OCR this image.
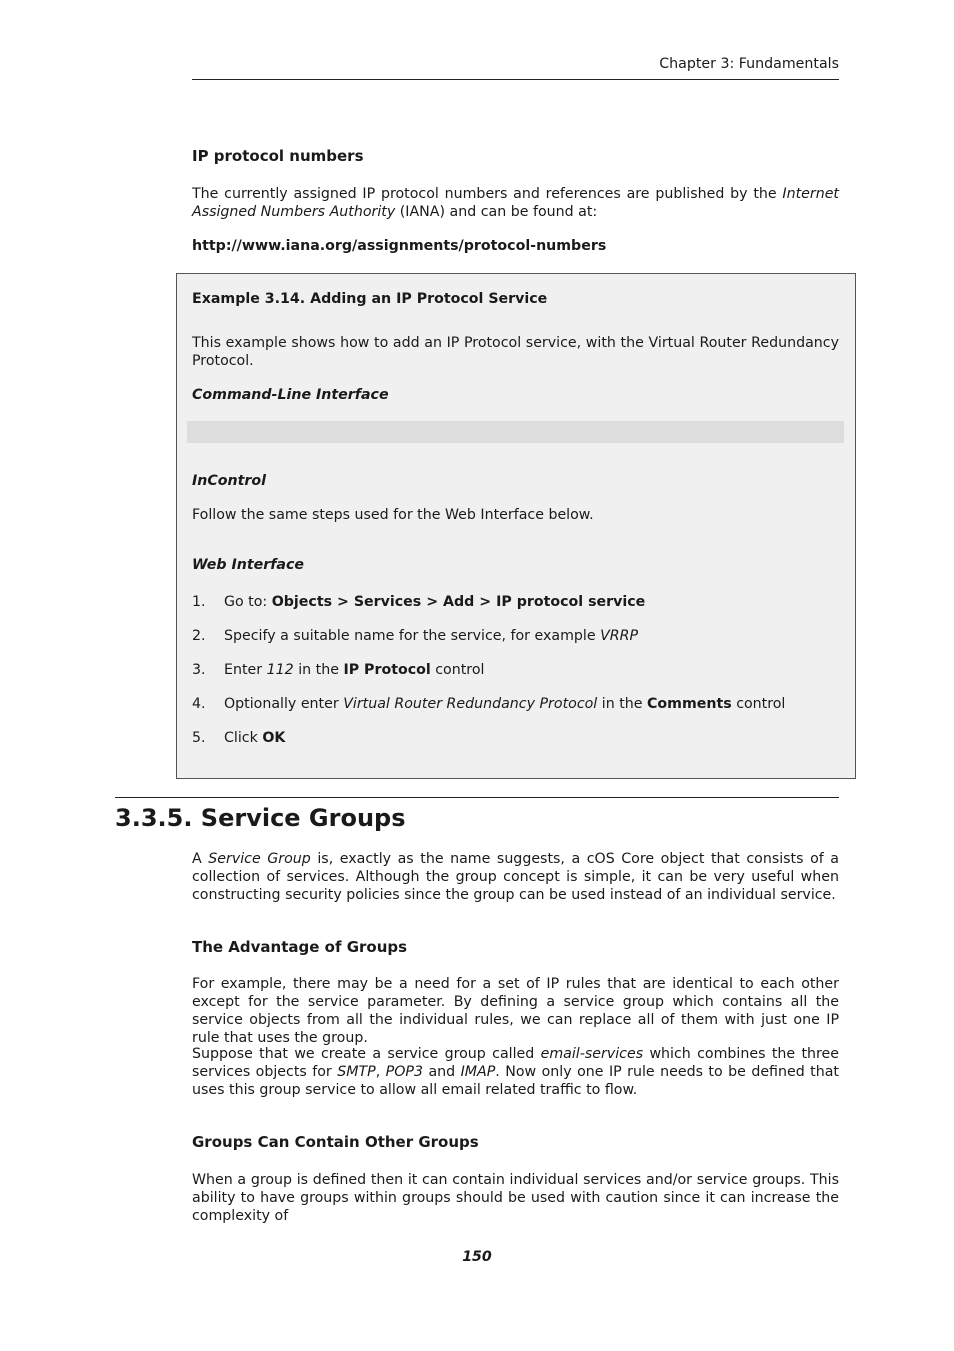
Chapter 3: Fundamentals
IP protocol numbers
The currently assigned IP protocol numbers and references are published by the Internet Assigned Numbers Authority (IANA) and can be found at:
http://www.iana.org/assignments/protocol-numbers
Example 3.14. Adding an IP Protocol Service
This example shows how to add an IP Protocol service, with the Virtual Router Redundancy Protocol.
Command-Line Interface
InControl
Follow the same steps used for the Web Interface below.
Web Interface
1.	Go to: Objects > Services > Add > IP protocol service
2.	Specify a suitable name for the service, for example VRRP
3.	Enter 112 in the IP Protocol control
4.	Optionally enter Virtual Router Redundancy Protocol in the Comments control
5.	Click OK
3.3.5. Service Groups
A Service Group is, exactly as the name suggests, a cOS Core object that consists of a collection of services. Although the group concept is simple, it can be very useful when constructing security policies since the group can be used instead of an individual service.
The Advantage of Groups
For example, there may be a need for a set of IP rules that are identical to each other except for the service parameter. By defining a service group which contains all the service objects from all the individual rules, we can replace all of them with just one IP rule that uses the group.
Suppose that we create a service group called email-services which combines the three services objects for SMTP, POP3 and IMAP. Now only one IP rule needs to be defined that uses this group service to allow all email related traffic to flow.
Groups Can Contain Other Groups
When a group is defined then it can contain individual services and/or service groups. This ability to have groups within groups should be used with caution since it can increase the complexity of
150
